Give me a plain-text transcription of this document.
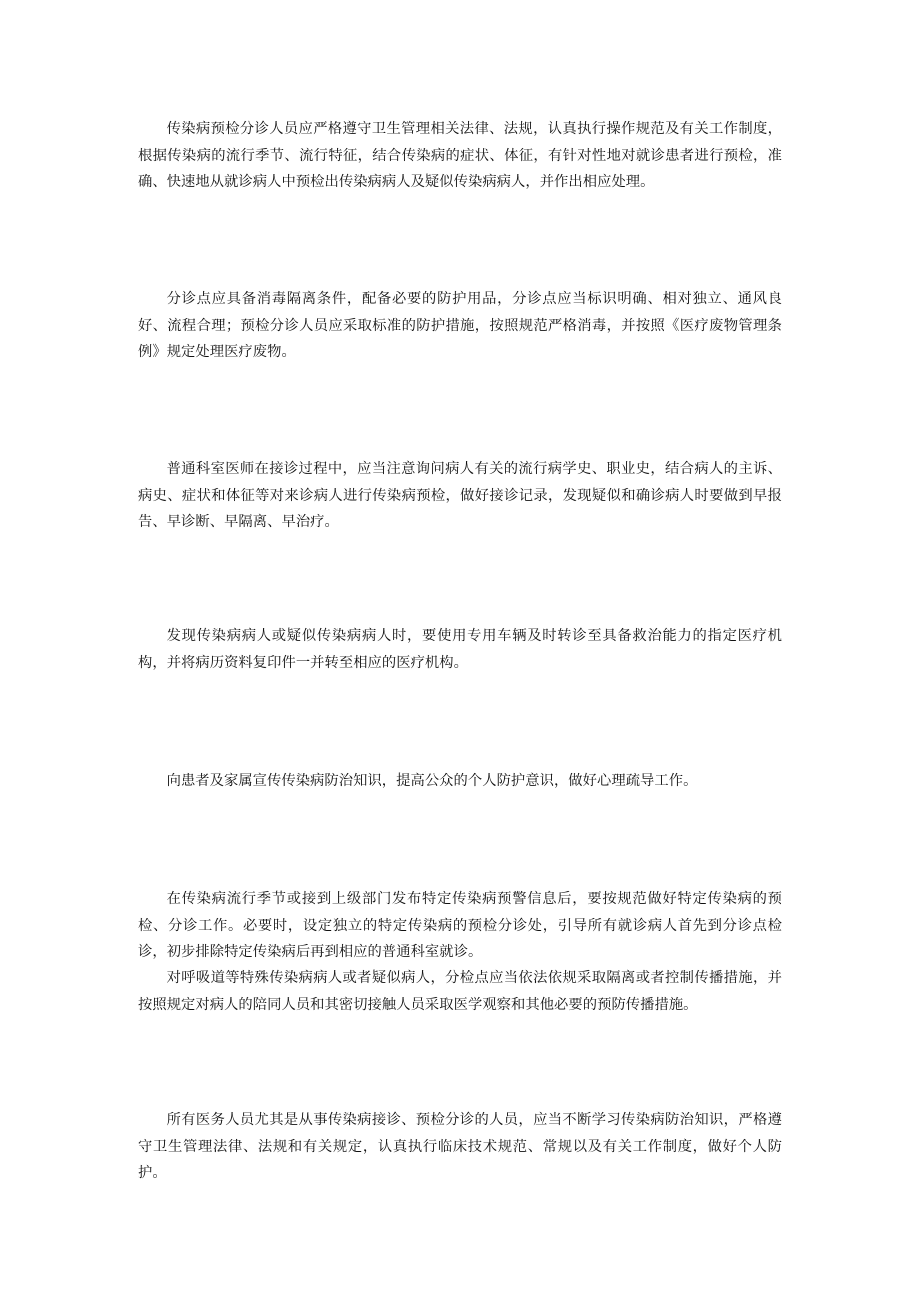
传染病预检分诊人员应严格遵守卫生管理相关法律、法规，认真执行操作规范及有关工作制度，根据传染病的流行季节、流行特征，结合传染病的症状、体征，有针对性地对就诊患者进行预检，准确、快速地从就诊病人中预检出传染病病人及疑似传染病病人，并作出相应处理。

分诊点应具备消毒隔离条件，配备必要的防护用品，分诊点应当标识明确、相对独立、通风良好、流程合理；预检分诊人员应采取标准的防护措施，按照规范严格消毒，并按照《医疗废物管理条例》规定处理医疗废物。

普通科室医师在接诊过程中，应当注意询问病人有关的流行病学史、职业史，结合病人的主诉、病史、症状和体征等对来诊病人进行传染病预检，做好接诊记录，发现疑似和确诊病人时要做到早报告、早诊断、早隔离、早治疗。

发现传染病病人或疑似传染病病人时，要使用专用车辆及时转诊至具备救治能力的指定医疗机构，并将病历资料复印件一并转至相应的医疗机构。

向患者及家属宣传传染病防治知识，提高公众的个人防护意识，做好心理疏导工作。

在传染病流行季节或接到上级部门发布特定传染病预警信息后，要按规范做好特定传染病的预检、分诊工作。必要时，设定独立的特定传染病的预检分诊处，引导所有就诊病人首先到分诊点检诊，初步排除特定传染病后再到相应的普通科室就诊。

对呼吸道等特殊传染病病人或者疑似病人，分检点应当依法依规采取隔离或者控制传播措施，并按照规定对病人的陪同人员和其密切接触人员采取医学观察和其他必要的预防传播措施。

所有医务人员尤其是从事传染病接诊、预检分诊的人员，应当不断学习传染病防治知识，严格遵守卫生管理法律、法规和有关规定，认真执行临床技术规范、常规以及有关工作制度，做好个人防护。
